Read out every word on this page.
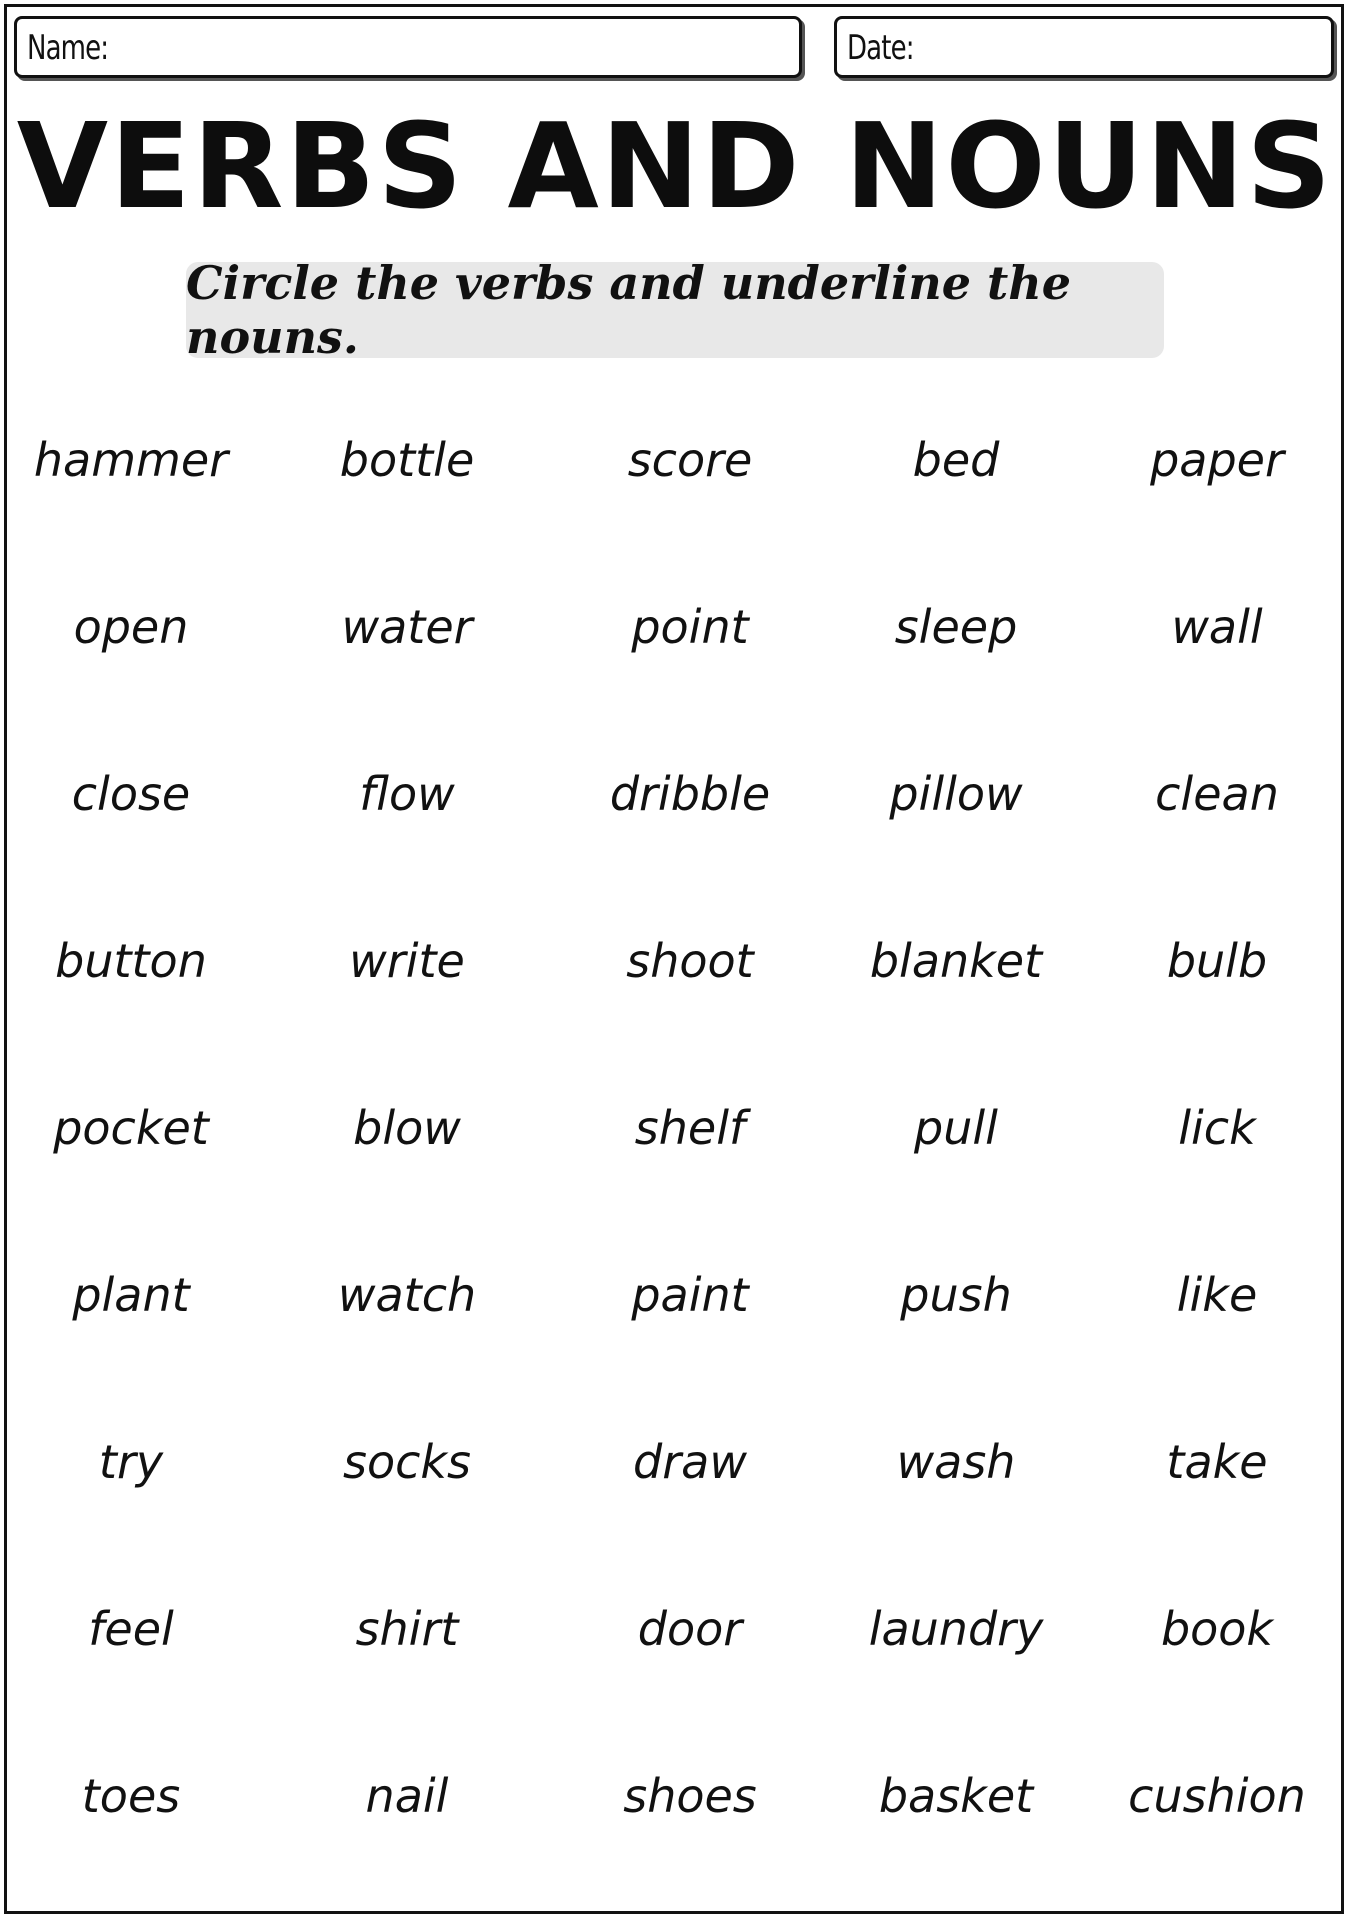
Name:	Date:
VERBS AND NOUNS
Circle the verbs and underline the nouns.
hammer	bottle	score	bed	paper
open	water	point	sleep	wall
close	flow	dribble	pillow	clean
button	write	shoot	blanket	bulb
pocket	blow	shelf	pull	lick
plant	watch	paint	push	like
try	socks	draw	wash	take
feel	shirt	door	laundry	book
toes	nail	shoes	basket	cushion
